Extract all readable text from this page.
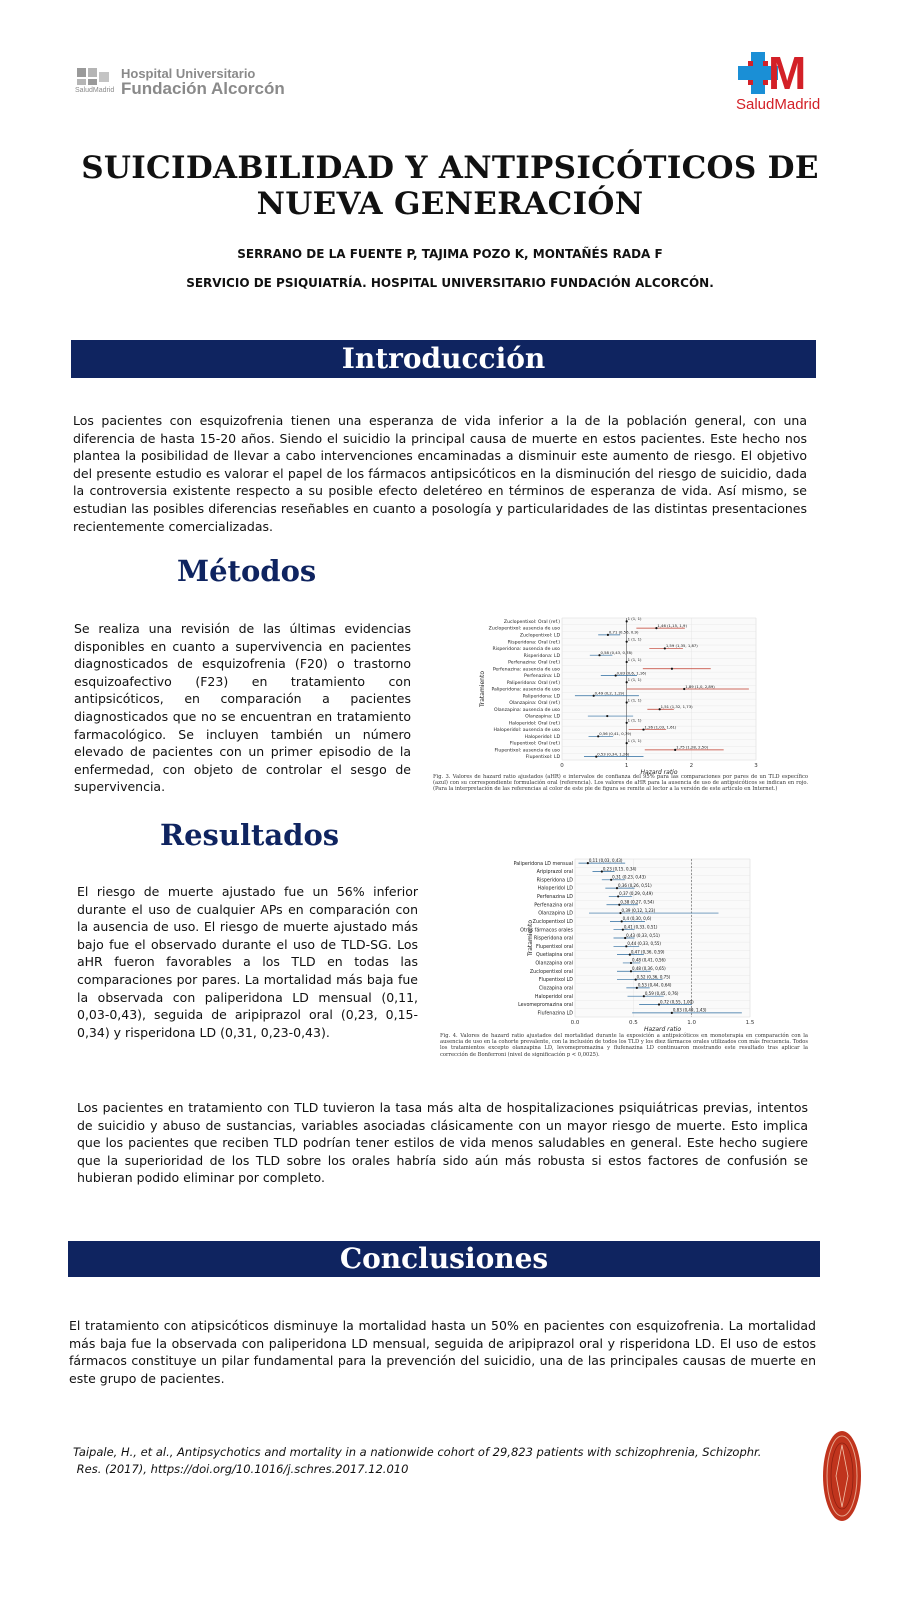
Hospital Universitario
Fundación Alcorcón
SaludMadrid	M
SaludMadrid
SUICIDABILIDAD Y ANTIPSICÓTICOS DE NUEVA GENERACIÓN
SERRANO DE LA FUENTE P, TAJIMA POZO K, MONTAÑÉS RADA F
SERVICIO DE PSIQUIATRÍA. HOSPITAL UNIVERSITARIO FUNDACIÓN ALCORCÓN.
Introducción

Los pacientes con esquizofrenia tienen una esperanza de vida inferior a la de la población general, con una diferencia de hasta 15-20 años. Siendo el suicidio la principal causa de muerte en estos pacientes. Este hecho nos plantea la posibilidad de llevar a cabo intervenciones encaminadas a disminuir este aumento de riesgo. El objetivo del presente estudio es valorar el papel de los fármacos antipsicóticos en la disminución del riesgo de suicidio, dada la controversia existente respecto a su posible efecto deletéreo en términos de esperanza de vida. Así mismo, se estudian las posibles diferencias reseñables en cuanto a posología y particularidades de las distintas presentaciones recientemente comercializadas.

Métodos

Se realiza una revisión de las últimas evidencias disponibles en cuanto a supervivencia en pacientes diagnosticados de esquizofrenia (F20) o trastorno esquizoafectivo (F23) en tratamiento con antipsicóticos, en comparación a pacientes diagnosticados que no se encuentran en tratamiento farmacológico. Se incluyen también un número elevado de pacientes con un primer episodio de la enfermedad, con objeto de controlar el sesgo de supervivencia.

0	1	2	3
Zuclopentixol: Oral (ref.)
1 (1, 1)
Zuclopentixol: ausencia de uso
1,46 (1,15, 1,9)
Zuclopentixol: LD
0,71 (0,56, 0,9)
Risperidona: Oral (ref.)
1 (1, 1)
Risperidona: ausencia de uso
1,59 (1,35, 1,87)
Risperidona: LD
0,58 (0,43, 0,78)
Perfenazina: Oral (ref.)
1 (1, 1)
Perfenazina: ausencia de uso
Perfenazina: LD
0,83 (0,6, 1,16)
Paliperidona: Oral (ref.)
1 (1, 1)
Paliperidona: ausencia de uso
1,89 (1,0, 2,89)
Paliperidona: LD
0,49 (0,2, 1,19)
Olanzapina: Oral (ref.)
1 (1, 1)
Olanzapina: ausencia de uso
1,51 (1,32, 1,73)
Olanzapina: LD
Haloperidol: Oral (ref.)
1 (1, 1)
Haloperidol: ausencia de uso
1,26 (1,03, 1,61)
Haloperidol: LD
0,56 (0,41, 0,79)
Flupentixol: Oral (ref.)
1 (1, 1)
Flupentixol: ausencia de uso
1,75 (1,28, 2,50)
Flupentixol: LD
0,53 (0,34, 1,26)
Hazard ratio
Tratamiento
Fig. 3. Valores de hazard ratio ajustados (aHR) e intervalos de confianza del 95% para las comparaciones por pares de un TLD específico (azul) con su correspondiente formulación oral (referencia). Los valores de aHR para la ausencia de uso de antipsicóticos se indican en rojo. (Para la interpretación de las referencias al color de este pie de figura se remite al lector a la versión de este artículo en Internet.)
Resultados

El riesgo de muerte ajustado fue un 56% inferior durante el uso de cualquier APs en comparación con la ausencia de uso. El riesgo de muerte ajustado más bajo fue el observado durante el uso de TLD-SG. Los aHR fueron favorables a los TLD en todas las comparaciones por pares. La mortalidad más baja fue la observada con paliperidona LD mensual (0,11, 0,03-0,43), seguida de aripiprazol oral (0,23, 0,15-0,34) y risperidona LD (0,31, 0,23-0,43).

0.0	0.5	1.0	1.5
Paliperidona LD mensual
0,11 (0,03, 0,43)
Aripiprazol oral
0,23 (0,15, 0,34)
Risperidona LD
0,31 (0,23, 0,43)
Haloperidol LD
0,36 (0,26, 0,51)
Perfenazina LD
0,37 (0,29, 0,49)
Perfenazina oral
0,38 (0,27, 0,54)
Olanzapina LD
0,39 (0,12, 1,23)
Zuclopentixol LD
0,4 (0,30, 0,6)
Otros fármacos orales
0,41 (0,33, 0,51)
Risperidona oral
0,43 (0,33, 0,51)
Flupentixol oral
0,44 (0,33, 0,55)
Quetiapina oral
0,47 (0,36, 0,59)
Olanzapina oral
0,48 (0,41, 0,56)
Zuclopentixol oral
0,48 (0,36, 0,65)
Flupentixol LD
0,52 (0,36, 0,75)
Clozapina oral
0,53 (0,44, 0,64)
Haloperidol oral
0,59 (0,45, 0,76)
Levomepromazina oral
0,72 (0,55, 1,00)
Flufenazina LD
0,83 (0,49, 1,43)
Hazard ratio
Tratamiento
Fig. 4. Valores de hazard ratio ajustados del mortalidad durante la exposición a antipsicóticos en monoterapia en comparación con la ausencia de uso en la cohorte prevalente, con la inclusión de todos los TLD y los diez fármacos orales utilizados con más frecuencia. Todos los tratamientos excepto olanzapina LD, levomepromazina y flufenazina LD continuaron mostrando este resultado tras aplicar la corrección de Bonferroni (nivel de significación p < 0,0025).

Los pacientes en tratamiento con TLD tuvieron la tasa más alta de hospitalizaciones psiquiátricas previas, intentos de suicidio y abuso de sustancias, variables asociadas clásicamente con un mayor riesgo de muerte. Esto implica que los pacientes que reciben TLD podrían tener estilos de vida menos saludables en general. Este hecho sugiere que la superioridad de los TLD sobre los orales habría sido aún más robusta si estos factores de confusión se hubieran podido eliminar por completo.

Conclusiones

El tratamiento con atipsicóticos disminuye la mortalidad hasta un 50% en pacientes con esquizofrenia. La mortalidad más baja fue la observada con paliperidona LD mensual, seguida de aripiprazol oral y risperidona LD. El uso de estos fármacos constituye un pilar fundamental para la prevención del suicidio, una de las principales causas de muerte en este grupo de pacientes.

Taipale, H., et al., Antipsychotics and mortality in a nationwide cohort of 29,823 patients with schizophrenia, Schizophr.
Res. (2017), https://doi.org/10.1016/j.schres.2017.12.010
